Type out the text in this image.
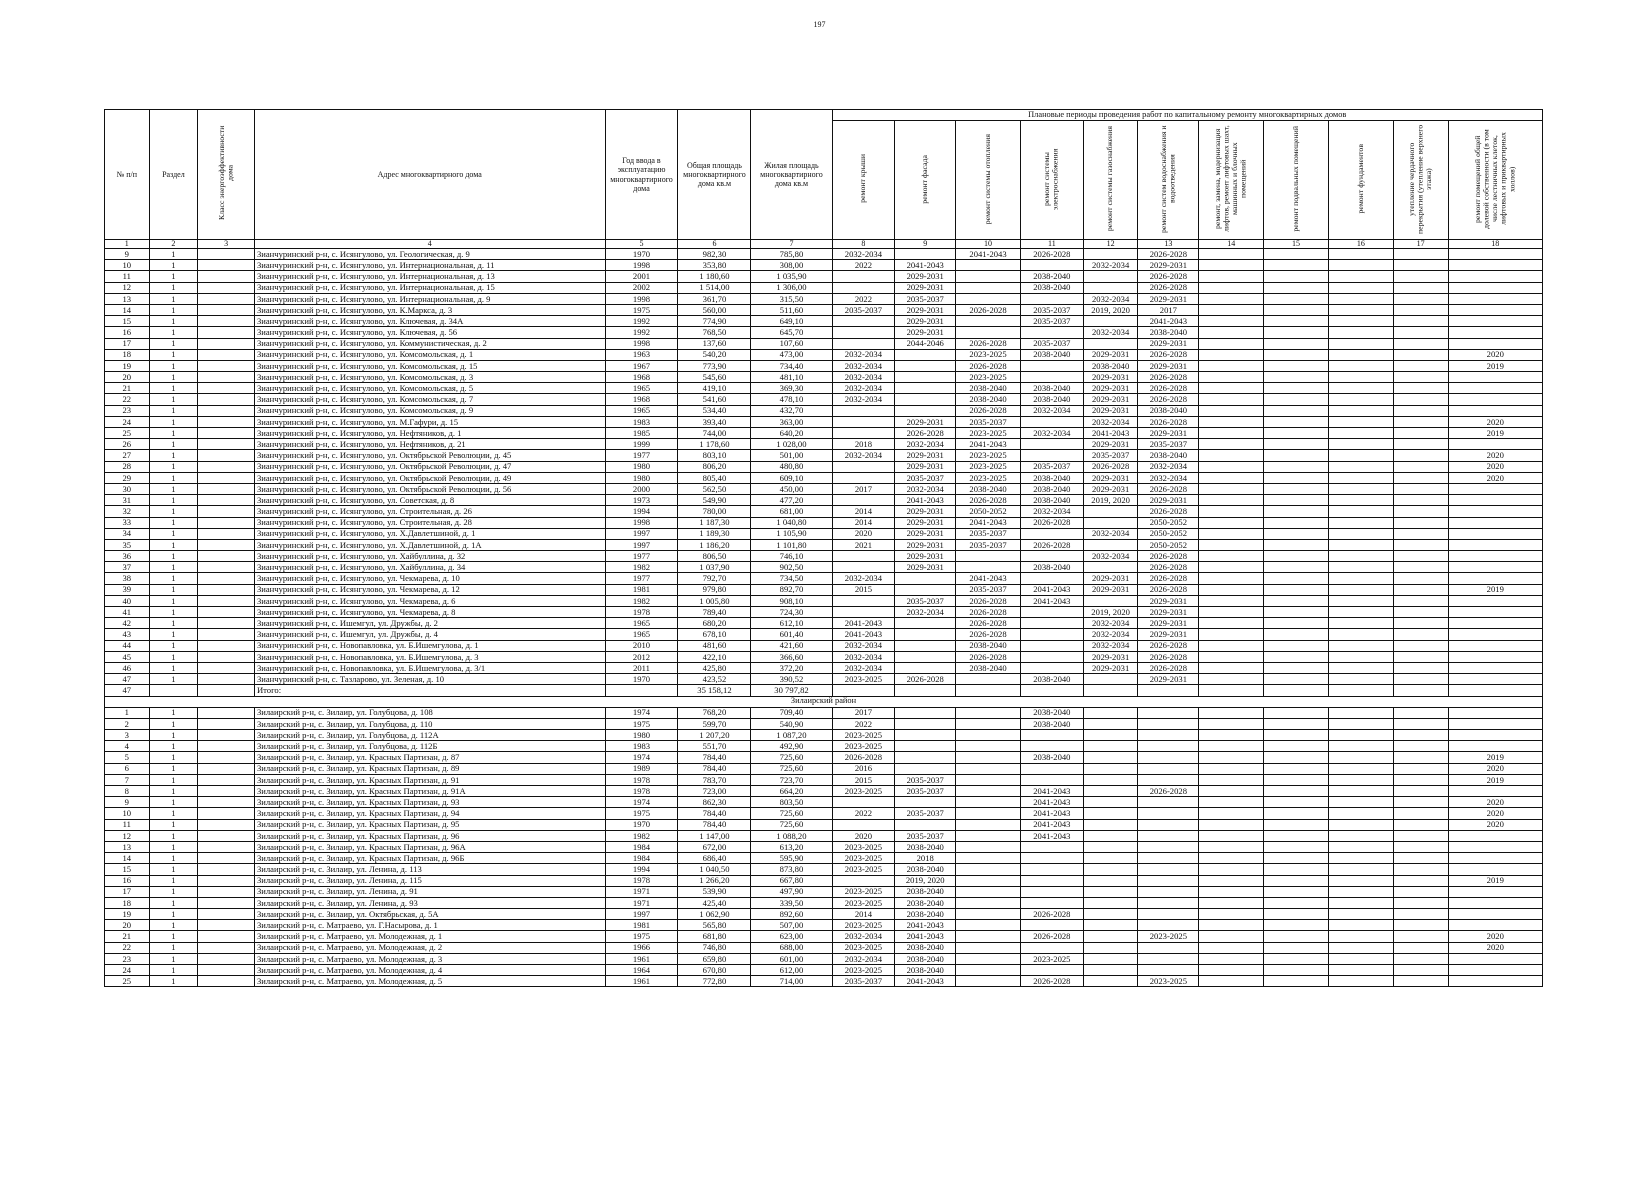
197
№ п/п	Раздел	Класс энергоэффективности дома	Адрес многоквартирного дома	Год ввода в эксплуатацию многоквартирного дома	Общая площадь многоквартирного дома кв.м	Жилая площадь многоквартирного дома кв.м	Плановые периоды проведения работ по капитальному ремонту многоквартирных домов										
							ремонт крыши	ремонт фасада	ремонт системы отопления	ремонт системы электроснабжения	ремонт системы газоснабжения	ремонт систем водоснабжения и водоотведения	ремонт, замена, модернизация лифтов, ремонт лифтовых шахт, машинных и блочных помещений	ремонт подвальных помещений	ремонт фундаментов	утепление чердачного перекрытия (утепление верхнего этажа)	ремонт помещений общей долевой собственности (в том числе лестничных клеток, лифтовых и приквартирных холлов)
1	2	3	4	5	6	7	8	9	10	11	12	13	14	15	16	17	18
9	1		Зианчуринский р-н, с. Исянгулово, ул. Геологическая, д. 9	1970	982,30	785,80	2032-2034		2041-2043	2026-2028		2026-2028					
10	1		Зианчуринский р-н, с. Исянгулово, ул. Интернациональная, д. 11	1998	353,80	308,00	2022	2041-2043			2032-2034	2029-2031					
11	1		Зианчуринский р-н, с. Исянгулово, ул. Интернациональная, д. 13	2001	1 180,60	1 035,90		2029-2031		2038-2040		2026-2028					
12	1		Зианчуринский р-н, с. Исянгулово, ул. Интернациональная, д. 15	2002	1 514,00	1 306,00		2029-2031		2038-2040		2026-2028					
13	1		Зианчуринский р-н, с. Исянгулово, ул. Интернациональная, д. 9	1998	361,70	315,50	2022	2035-2037			2032-2034	2029-2031					
14	1		Зианчуринский р-н, с. Исянгулово, ул. К.Маркса, д. 3	1975	560,00	511,60	2035-2037	2029-2031	2026-2028	2035-2037	2019, 2020	2017					
15	1		Зианчуринский р-н, с. Исянгулово, ул. Ключевая, д. 34А	1992	774,90	649,10		2029-2031		2035-2037		2041-2043					
16	1		Зианчуринский р-н, с. Исянгулово, ул. Ключевая, д. 56	1992	768,50	645,70		2029-2031			2032-2034	2038-2040					
17	1		Зианчуринский р-н, с. Исянгулово, ул. Коммунистическая, д. 2	1998	137,60	107,60		2044-2046	2026-2028	2035-2037		2029-2031					
18	1		Зианчуринский р-н, с. Исянгулово, ул. Комсомольская, д. 1	1963	540,20	473,00	2032-2034		2023-2025	2038-2040	2029-2031	2026-2028					2020
19	1		Зианчуринский р-н, с. Исянгулово, ул. Комсомольская, д. 15	1967	773,90	734,40	2032-2034		2026-2028		2038-2040	2029-2031					2019
20	1		Зианчуринский р-н, с. Исянгулово, ул. Комсомольская, д. 3	1968	545,60	481,10	2032-2034		2023-2025		2029-2031	2026-2028					
21	1		Зианчуринский р-н, с. Исянгулово, ул. Комсомольская, д. 5	1965	419,10	369,30	2032-2034		2038-2040	2038-2040	2029-2031	2026-2028					
22	1		Зианчуринский р-н, с. Исянгулово, ул. Комсомольская, д. 7	1968	541,60	478,10	2032-2034		2038-2040	2038-2040	2029-2031	2026-2028					
23	1		Зианчуринский р-н, с. Исянгулово, ул. Комсомольская, д. 9	1965	534,40	432,70			2026-2028	2032-2034	2029-2031	2038-2040					
24	1		Зианчуринский р-н, с. Исянгулово, ул. М.Гафури, д. 15	1983	393,40	363,00		2029-2031	2035-2037		2032-2034	2026-2028					2020
25	1		Зианчуринский р-н, с. Исянгулово, ул. Нефтяников, д. 1	1985	744,00	640,20		2026-2028	2023-2025	2032-2034	2041-2043	2029-2031					2019
26	1		Зианчуринский р-н, с. Исянгулово, ул. Нефтяников, д. 21	1999	1 178,60	1 028,00	2018	2032-2034	2041-2043		2029-2031	2035-2037					
27	1		Зианчуринский р-н, с. Исянгулово, ул. Октябрьской Революции, д. 45	1977	803,10	501,00	2032-2034	2029-2031	2023-2025		2035-2037	2038-2040					2020
28	1		Зианчуринский р-н, с. Исянгулово, ул. Октябрьской Революции, д. 47	1980	806,20	480,80		2029-2031	2023-2025	2035-2037	2026-2028	2032-2034					2020
29	1		Зианчуринский р-н, с. Исянгулово, ул. Октябрьской Революции, д. 49	1980	805,40	609,10		2035-2037	2023-2025	2038-2040	2029-2031	2032-2034					2020
30	1		Зианчуринский р-н, с. Исянгулово, ул. Октябрьской Революции, д. 56	2000	562,50	450,00	2017	2032-2034	2038-2040	2038-2040	2029-2031	2026-2028					
31	1		Зианчуринский р-н, с. Исянгулово, ул. Советская, д. 8	1973	549,90	477,20		2041-2043	2026-2028	2038-2040	2019, 2020	2029-2031					
32	1		Зианчуринский р-н, с. Исянгулово, ул. Строительная, д. 26	1994	780,00	681,00	2014	2029-2031	2050-2052	2032-2034		2026-2028					
33	1		Зианчуринский р-н, с. Исянгулово, ул. Строительная, д. 28	1998	1 187,30	1 040,80	2014	2029-2031	2041-2043	2026-2028		2050-2052					
34	1		Зианчуринский р-н, с. Исянгулово, ул. Х.Давлетшиной, д. 1	1997	1 189,30	1 105,90	2020	2029-2031	2035-2037		2032-2034	2050-2052					
35	1		Зианчуринский р-н, с. Исянгулово, ул. Х.Давлетшиной, д. 1А	1997	1 186,20	1 101,80	2021	2029-2031	2035-2037	2026-2028		2050-2052					
36	1		Зианчуринский р-н, с. Исянгулово, ул. Хайбуллина, д. 32	1977	806,50	746,10		2029-2031			2032-2034	2026-2028					
37	1		Зианчуринский р-н, с. Исянгулово, ул. Хайбуллина, д. 34	1982	1 037,90	902,50		2029-2031		2038-2040		2026-2028					
38	1		Зианчуринский р-н, с. Исянгулово, ул. Чекмарева, д. 10	1977	792,70	734,50	2032-2034		2041-2043		2029-2031	2026-2028					
39	1		Зианчуринский р-н, с. Исянгулово, ул. Чекмарева, д. 12	1981	979,80	892,70	2015		2035-2037	2041-2043	2029-2031	2026-2028					2019
40	1		Зианчуринский р-н, с. Исянгулово, ул. Чекмарева, д. 6	1982	1 005,80	908,10		2035-2037	2026-2028	2041-2043		2029-2031					
41	1		Зианчуринский р-н, с. Исянгулово, ул. Чекмарева, д. 8	1978	789,40	724,30		2032-2034	2026-2028		2019, 2020	2029-2031					
42	1		Зианчуринский р-н, с. Ишемгул, ул. Дружбы, д. 2	1965	680,20	612,10	2041-2043		2026-2028		2032-2034	2029-2031					
43	1		Зианчуринский р-н, с. Ишемгул, ул. Дружбы, д. 4	1965	678,10	601,40	2041-2043		2026-2028		2032-2034	2029-2031					
44	1		Зианчуринский р-н, с. Новопавловка, ул. Б.Ишемгулова, д. 1	2010	481,60	421,60	2032-2034		2038-2040		2032-2034	2026-2028					
45	1		Зианчуринский р-н, с. Новопавловка, ул. Б.Ишемгулова, д. 3	2012	422,10	366,60	2032-2034		2026-2028		2029-2031	2026-2028					
46	1		Зианчуринский р-н, с. Новопавловка, ул. Б.Ишемгулова, д. 3/1	2011	425,80	372,20	2032-2034		2038-2040		2029-2031	2026-2028					
47	1		Зианчуринский р-н, с. Тазларово, ул. Зеленая, д. 10	1970	423,52	390,52	2023-2025	2026-2028		2038-2040		2029-2031					
47			Итого:		35 158,12	30 797,82											
Зилаирский район																	
1	1		Зилаирский р-н, с. Зилаир, ул. Голубцова, д. 108	1974	768,20	709,40	2017			2038-2040							
2	1		Зилаирский р-н, с. Зилаир, ул. Голубцова, д. 110	1975	599,70	540,90	2022			2038-2040							
3	1		Зилаирский р-н, с. Зилаир, ул. Голубцова, д. 112А	1980	1 207,20	1 087,20	2023-2025										
4	1		Зилаирский р-н, с. Зилаир, ул. Голубцова, д. 112Б	1983	551,70	492,90	2023-2025										
5	1		Зилаирский р-н, с. Зилаир, ул. Красных Партизан, д. 87	1974	784,40	725,60	2026-2028			2038-2040							2019
6	1		Зилаирский р-н, с. Зилаир, ул. Красных Партизан, д. 89	1989	784,40	725,60	2016										2020
7	1		Зилаирский р-н, с. Зилаир, ул. Красных Партизан, д. 91	1978	783,70	723,70	2015	2035-2037									2019
8	1		Зилаирский р-н, с. Зилаир, ул. Красных Партизан, д. 91А	1978	723,00	664,20	2023-2025	2035-2037		2041-2043		2026-2028					
9	1		Зилаирский р-н, с. Зилаир, ул. Красных Партизан, д. 93	1974	862,30	803,50				2041-2043							2020
10	1		Зилаирский р-н, с. Зилаир, ул. Красных Партизан, д. 94	1975	784,40	725,60	2022	2035-2037		2041-2043							2020
11	1		Зилаирский р-н, с. Зилаир, ул. Красных Партизан, д. 95	1970	784,40	725,60				2041-2043							2020
12	1		Зилаирский р-н, с. Зилаир, ул. Красных Партизан, д. 96	1982	1 147,00	1 088,20	2020	2035-2037		2041-2043							
13	1		Зилаирский р-н, с. Зилаир, ул. Красных Партизан, д. 96А	1984	672,00	613,20	2023-2025	2038-2040									
14	1		Зилаирский р-н, с. Зилаир, ул. Красных Партизан, д. 96Б	1984	686,40	595,90	2023-2025	2018									
15	1		Зилаирский р-н, с. Зилаир, ул. Ленина, д. 113	1994	1 040,50	873,80	2023-2025	2038-2040									
16	1		Зилаирский р-н, с. Зилаир, ул. Ленина, д. 115	1978	1 266,20	667,80		2019, 2020									2019
17	1		Зилаирский р-н, с. Зилаир, ул. Ленина, д. 91	1971	539,90	497,90	2023-2025	2038-2040									
18	1		Зилаирский р-н, с. Зилаир, ул. Ленина, д. 93	1971	425,40	339,50	2023-2025	2038-2040									
19	1		Зилаирский р-н, с. Зилаир, ул. Октябрьская, д. 5А	1997	1 062,90	892,60	2014	2038-2040		2026-2028							
20	1		Зилаирский р-н, с. Матраево, ул. Г.Насырова, д. 1	1981	565,80	507,00	2023-2025	2041-2043									
21	1		Зилаирский р-н, с. Матраево, ул. Молодежная, д. 1	1975	681,80	623,00	2032-2034	2041-2043		2026-2028		2023-2025					2020
22	1		Зилаирский р-н, с. Матраево, ул. Молодежная, д. 2	1966	746,80	688,00	2023-2025	2038-2040									2020
23	1		Зилаирский р-н, с. Матраево, ул. Молодежная, д. 3	1961	659,80	601,00	2032-2034	2038-2040		2023-2025							
24	1		Зилаирский р-н, с. Матраево, ул. Молодежная, д. 4	1964	670,80	612,00	2023-2025	2038-2040									
25	1		Зилаирский р-н, с. Матраево, ул. Молодежная, д. 5	1961	772,80	714,00	2035-2037	2041-2043		2026-2028		2023-2025					
